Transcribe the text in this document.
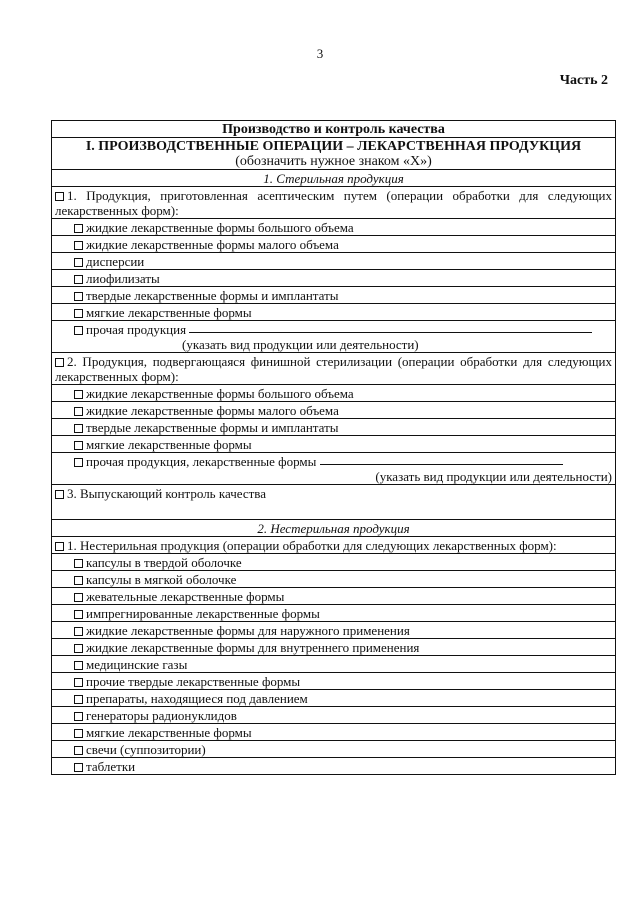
3
Часть 2
Производство и контроль качества

I. ПРОИЗВОДСТВЕННЫЕ ОПЕРАЦИИ – ЛЕКАРСТВЕННАЯ ПРОДУКЦИЯ
(обозначить нужное знаком «X»)

1. Стерильная продукция
1. Продукция, приготовленная асептическим путем (операции обработки для следующих лекарственных форм):
жидкие лекарственные формы большого объема
жидкие лекарственные формы малого объема
дисперсии
лиофилизаты
твердые лекарственные формы и имплантаты
мягкие лекарственные формы
прочая продукция
(указать вид продукции или деятельности)

2. Продукция, подвергающаяся финишной стерилизации (операции обработки для следующих лекарственных форм):
жидкие лекарственные формы большого объема
жидкие лекарственные формы малого объема
твердые лекарственные формы и имплантаты
мягкие лекарственные формы
прочая продукция, лекарственные формы
(указать вид продукции или деятельности)

3. Выпускающий контроль качества
2. Нестерильная продукция
1. Нестерильная продукция (операции обработки для следующих лекарственных форм):
капсулы в твердой оболочке
капсулы в мягкой оболочке
жевательные лекарственные формы
импрегнированные лекарственные формы
жидкие лекарственные формы для наружного применения
жидкие лекарственные формы для внутреннего применения
медицинские газы
прочие твердые лекарственные формы
препараты, находящиеся под давлением
генераторы радионуклидов
мягкие лекарственные формы
свечи (суппозитории)
таблетки
